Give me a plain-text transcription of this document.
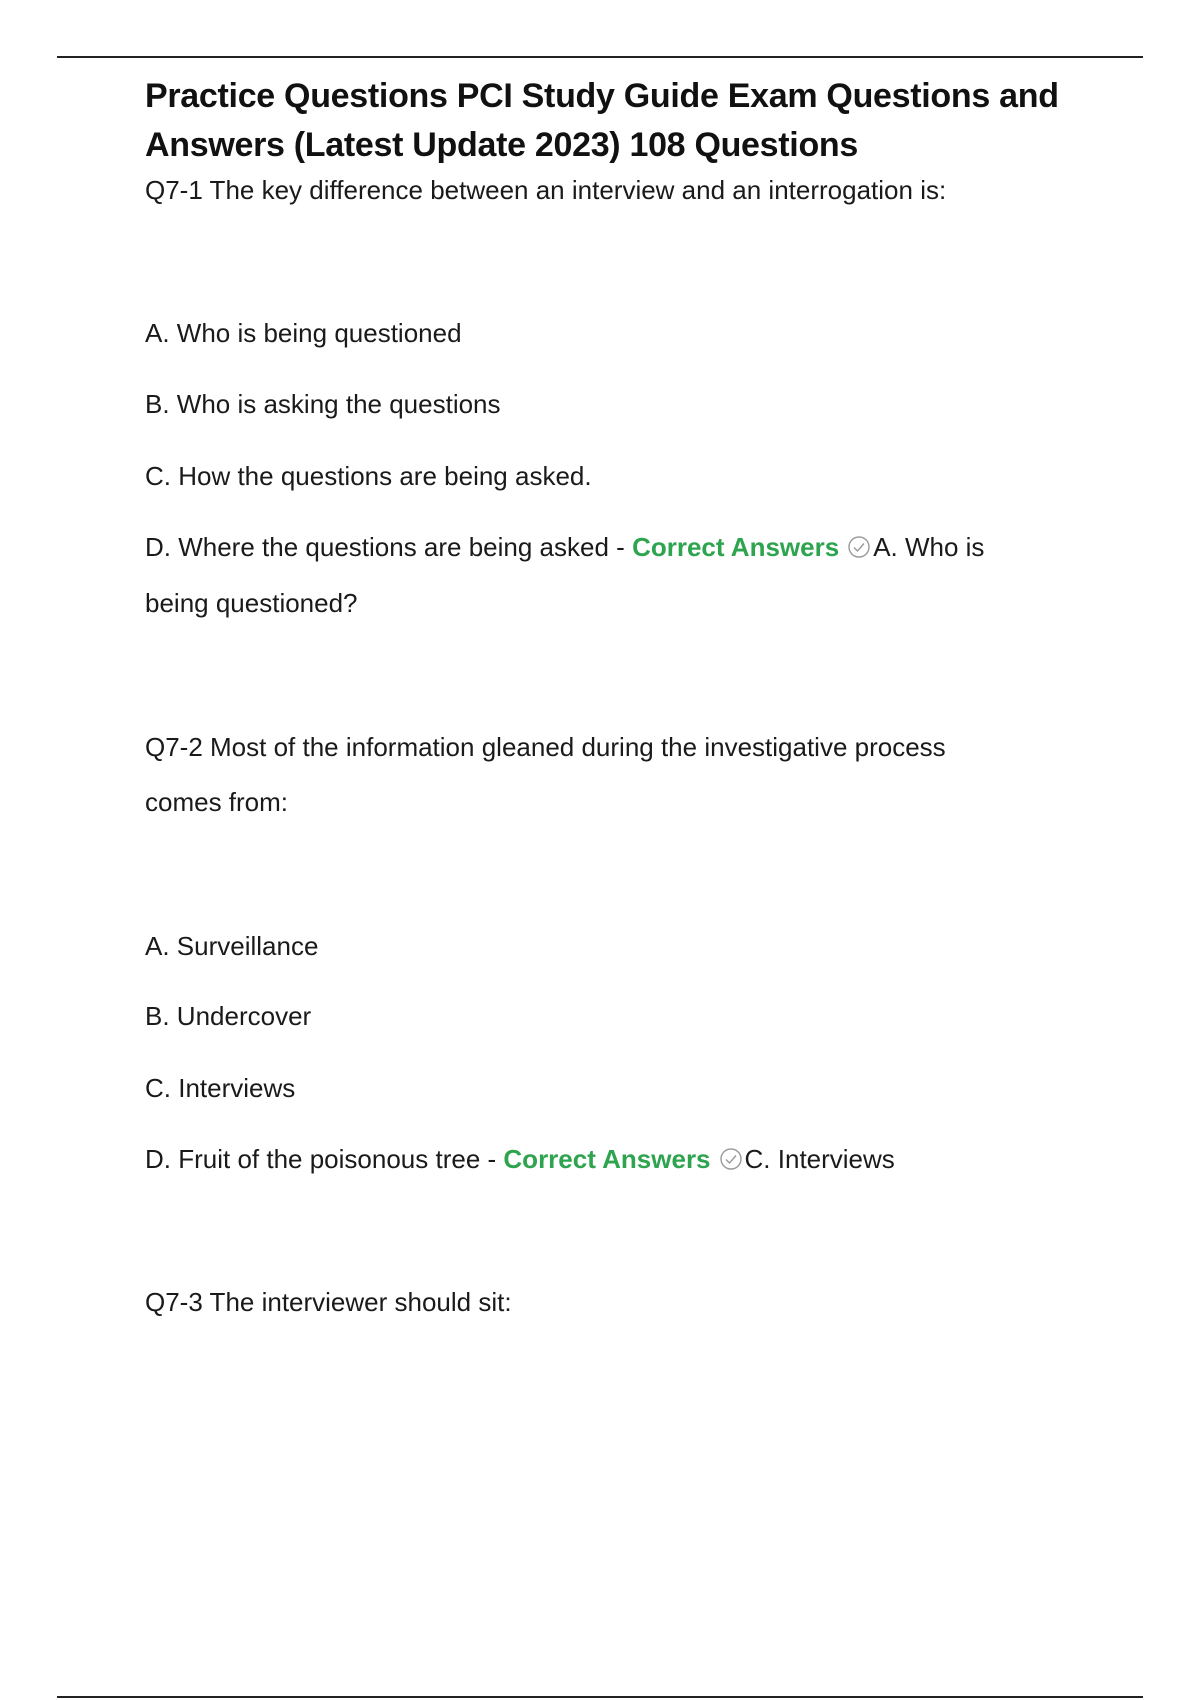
Practice Questions PCI Study Guide Exam Questions and Answers (Latest Update 2023) 108 Questions

Q7-1 The key difference between an interview and an interrogation is:

A. Who is being questioned

B. Who is asking the questions

C. How the questions are being asked.

D. Where the questions are being asked - Correct Answers A. Who is

being questioned?

Q7-2 Most of the information gleaned during the investigative process

comes from:

A. Surveillance

B. Undercover

C. Interviews

D. Fruit of the poisonous tree - Correct Answers C. Interviews

Q7-3 The interviewer should sit:
